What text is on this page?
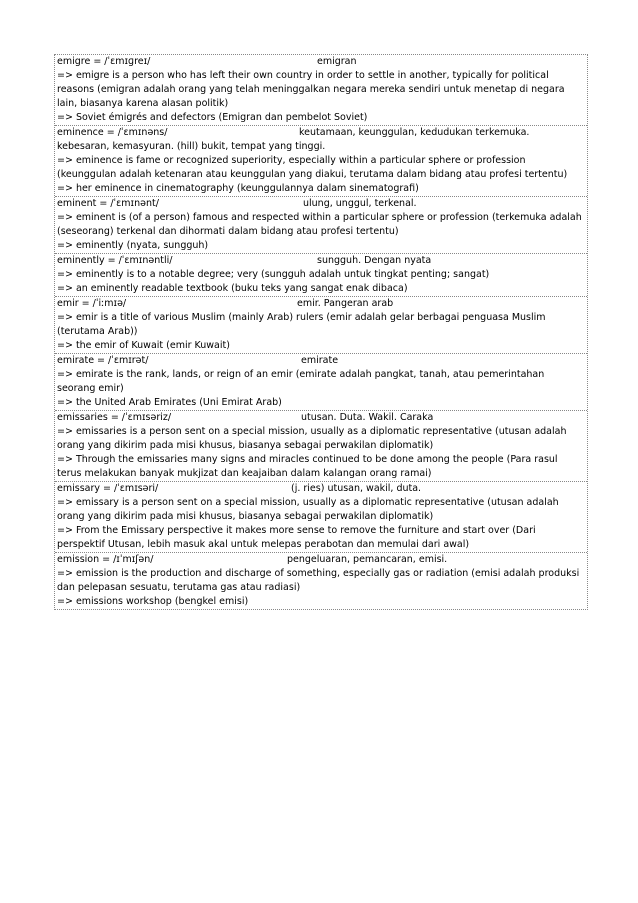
emigre = /ˈɛmɪɡreɪ/	emigran
=> emigre is a person who has left their own country in order to settle in another, typically for political reasons (emigran adalah orang yang telah meninggalkan negara mereka sendiri untuk menetap di negara lain, biasanya karena alasan politik)
=> Soviet émigrés and defectors (Emigran dan pembelot Soviet)
eminence = /ˈɛmɪnəns/	keutamaan, keunggulan, kedudukan terkemuka.
kebesaran, kemasyuran. (hill) bukit, tempat yang tinggi.
=> eminence is fame or recognized superiority, especially within a particular sphere or profession (keunggulan adalah ketenaran atau keunggulan yang diakui, terutama dalam bidang atau profesi tertentu)
=> her eminence in cinematography (keunggulannya dalam sinematografi)
eminent = /ˈɛmɪnənt/	ulung, unggul, terkenal.
=> eminent is (of a person) famous and respected within a particular sphere or profession (terkemuka adalah (seseorang) terkenal dan dihormati dalam bidang atau profesi tertentu)
=> eminently (nyata, sungguh)
eminently = /ˈɛmɪnəntli/	sungguh. Dengan nyata
=> eminently is to a notable degree; very (sungguh adalah untuk tingkat penting; sangat)
=> an eminently readable textbook (buku teks yang sangat enak dibaca)
emir = /ˈiːmɪə/	emir. Pangeran arab
=> emir is a title of various Muslim (mainly Arab) rulers (emir adalah gelar berbagai penguasa Muslim (terutama Arab))
=> the emir of Kuwait (emir Kuwait)
emirate = /ˈɛmɪrət/	emirate
=> emirate is the rank, lands, or reign of an emir (emirate adalah pangkat, tanah, atau pemerintahan seorang emir)
=> the United Arab Emirates (Uni Emirat Arab)
emissaries = /ˈɛmɪsəriz/	utusan. Duta. Wakil. Caraka
=> emissaries is a person sent on a special mission, usually as a diplomatic representative (utusan adalah orang yang dikirim pada misi khusus, biasanya sebagai perwakilan diplomatik)
=> Through the emissaries many signs and miracles continued to be done among the people (Para rasul terus melakukan banyak mukjizat dan keajaiban dalam kalangan orang ramai)
emissary = /ˈɛmɪsəri/	(j. ries) utusan, wakil, duta.
=> emissary is a person sent on a special mission, usually as a diplomatic representative (utusan adalah orang yang dikirim pada misi khusus, biasanya sebagai perwakilan diplomatik)
=> From the Emissary perspective it makes more sense to remove the furniture and start over (Dari perspektif Utusan, lebih masuk akal untuk melepas perabotan dan memulai dari awal)
emission = /ɪˈmɪʃən/	pengeluaran, pemancaran, emisi.
=> emission is the production and discharge of something, especially gas or radiation (emisi adalah produksi dan pelepasan sesuatu, terutama gas atau radiasi)
=> emissions workshop (bengkel emisi)
